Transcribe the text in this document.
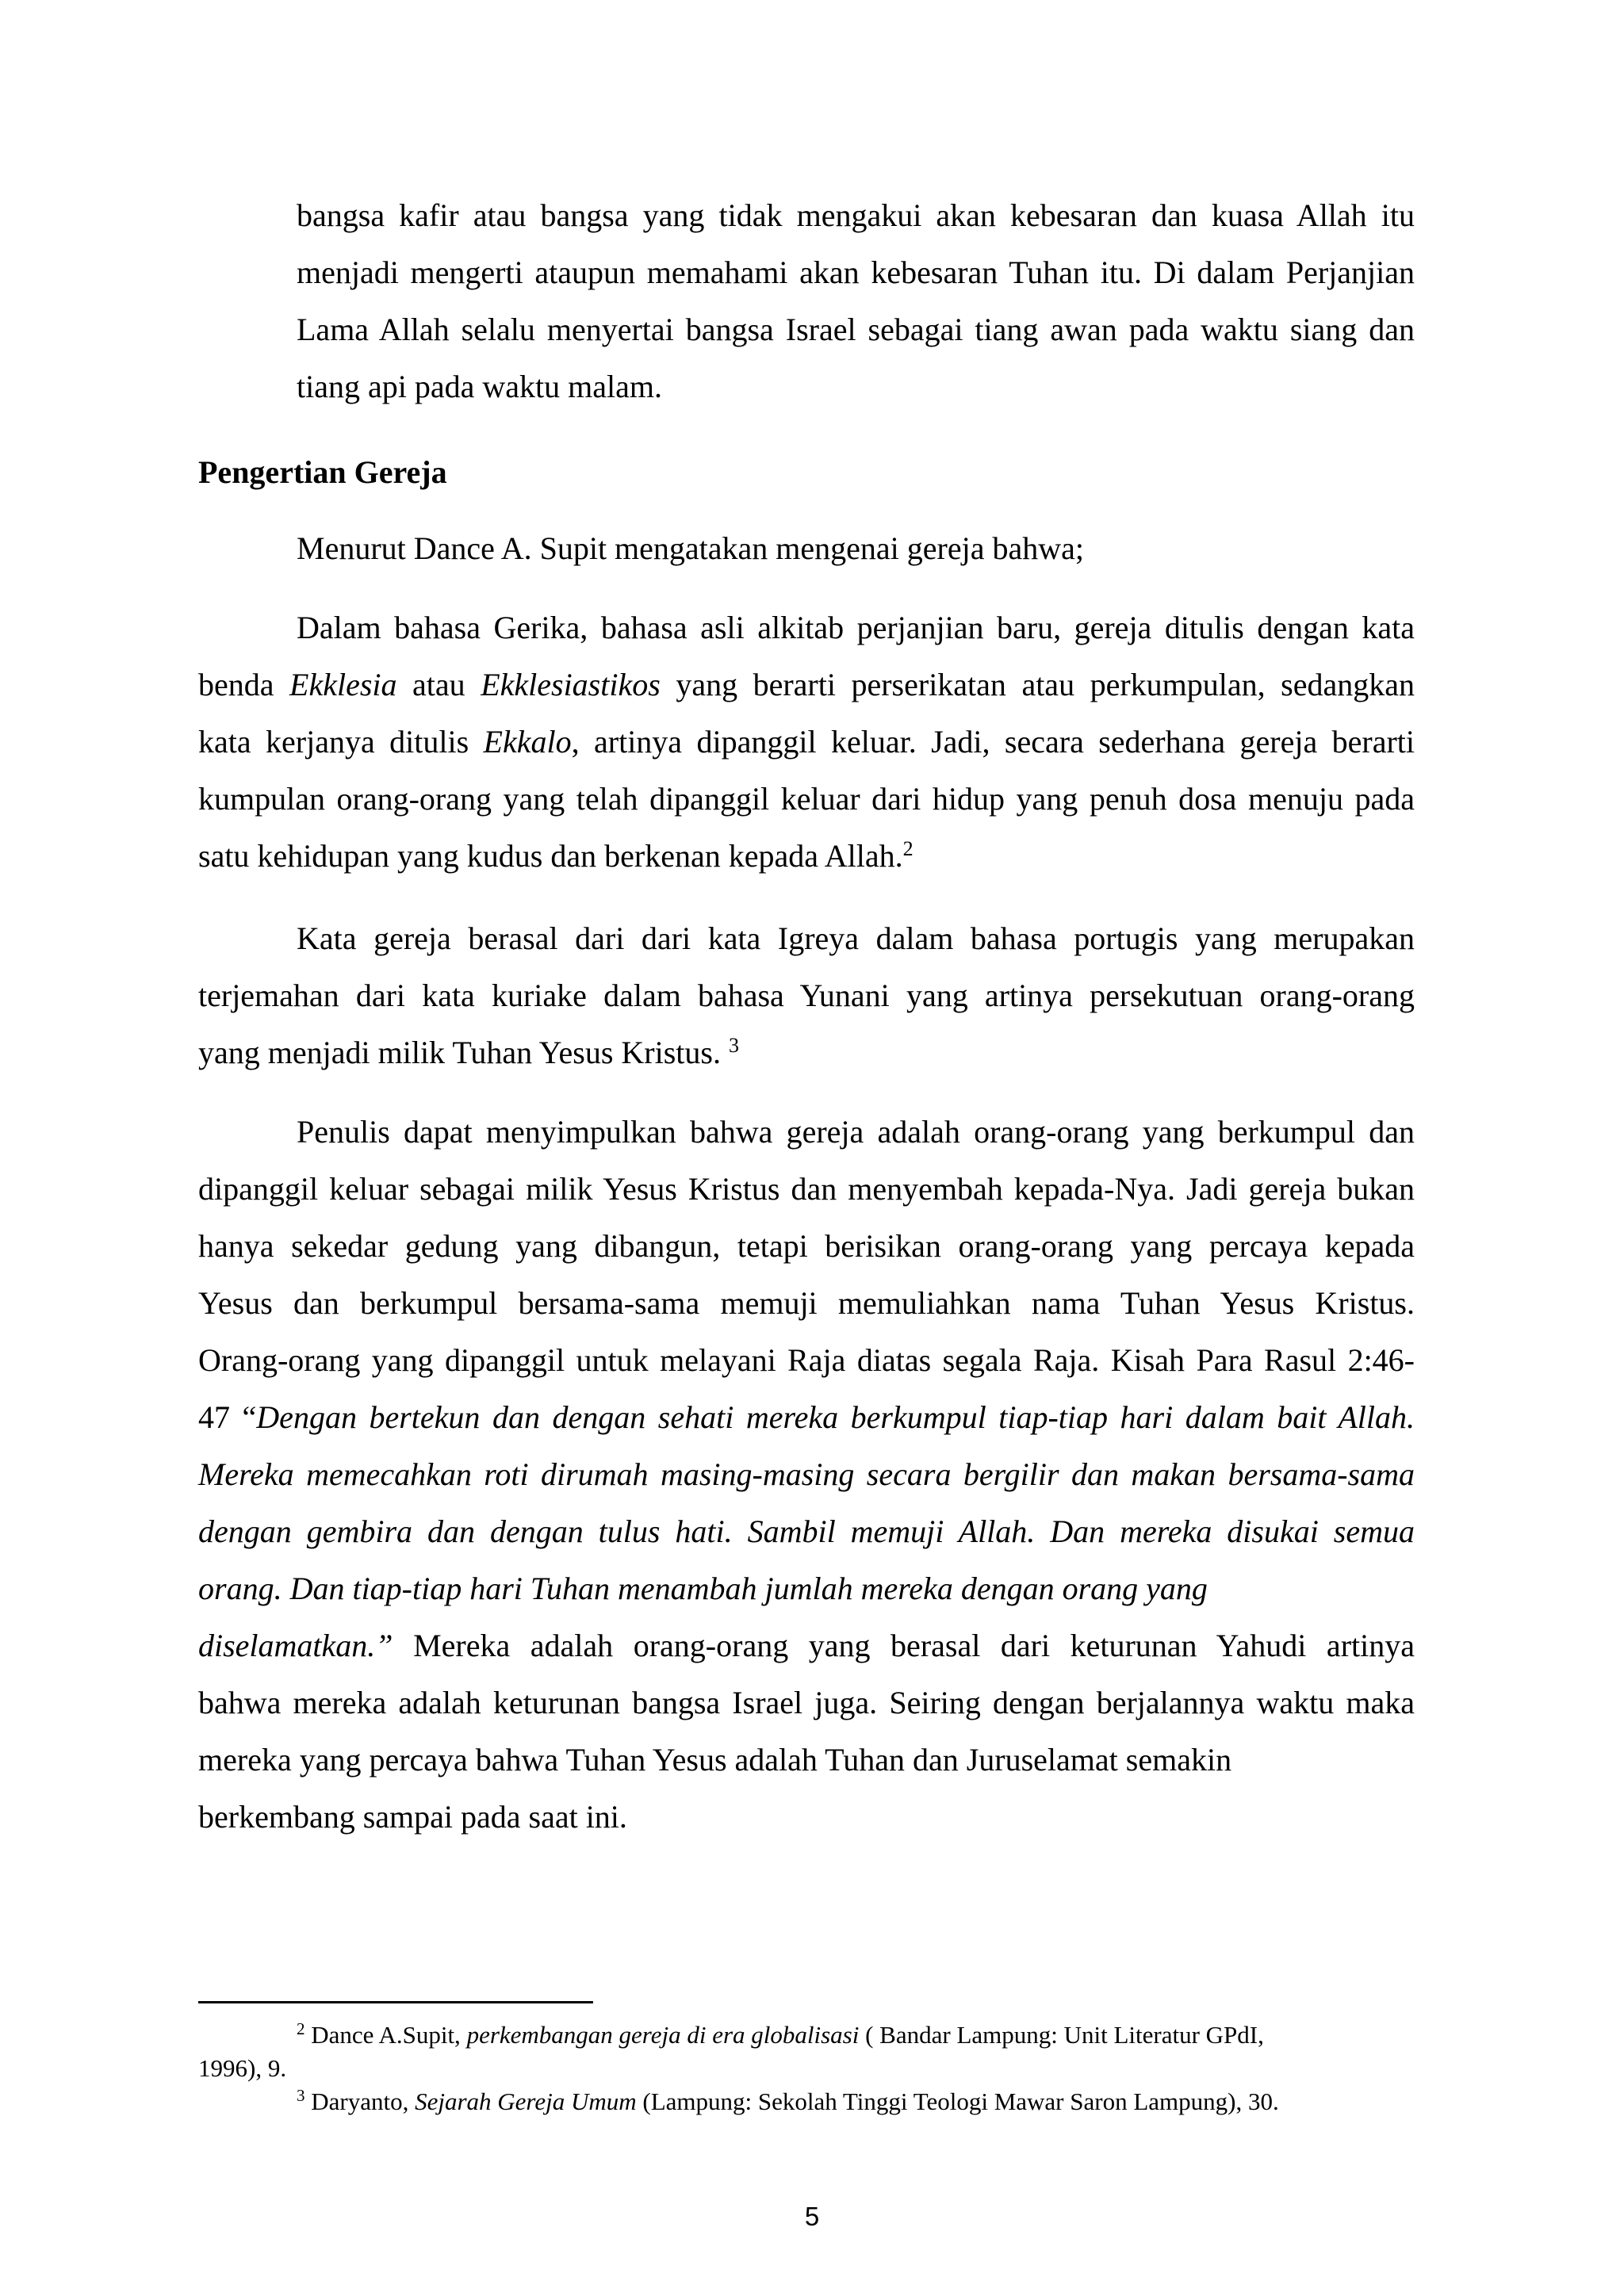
bangsa kafir atau bangsa yang tidak mengakui akan kebesaran dan kuasa Allah itu
menjadi mengerti ataupun memahami akan kebesaran Tuhan itu. Di dalam Perjanjian
Lama Allah selalu menyertai bangsa Israel sebagai tiang awan pada waktu siang dan
tiang api pada waktu malam.
Pengertian Gereja
Menurut Dance A. Supit mengatakan mengenai gereja bahwa;
Dalam bahasa Gerika, bahasa asli alkitab perjanjian baru, gereja ditulis dengan kata
benda Ekklesia atau Ekklesiastikos yang berarti perserikatan atau perkumpulan, sedangkan
kata kerjanya ditulis Ekkalo, artinya dipanggil keluar. Jadi, secara sederhana gereja berarti
kumpulan orang-orang yang telah dipanggil keluar dari hidup yang penuh dosa menuju pada
satu kehidupan yang kudus dan berkenan kepada Allah.$^2$
Kata gereja berasal dari dari kata Igreya dalam bahasa portugis yang merupakan
terjemahan dari kata kuriake dalam bahasa Yunani yang artinya persekutuan orang-orang
yang menjadi milik Tuhan Yesus Kristus. $^3$
Penulis dapat menyimpulkan bahwa gereja adalah orang-orang yang berkumpul dan
dipanggil keluar sebagai milik Yesus Kristus dan menyembah kepada-Nya. Jadi gereja bukan
hanya sekedar gedung yang dibangun, tetapi berisikan orang-orang yang percaya kepada
Yesus dan berkumpul bersama-sama memuji memuliahkan nama Tuhan Yesus Kristus.
Orang-orang yang dipanggil untuk melayani Raja diatas segala Raja. Kisah Para Rasul 2:46-
47 “Dengan bertekun dan dengan sehati mereka berkumpul tiap-tiap hari dalam bait Allah.
Mereka memecahkan roti dirumah masing-masing secara bergilir dan makan bersama-sama
dengan gembira dan dengan tulus hati. Sambil memuji Allah. Dan mereka disukai semua
orang. Dan tiap-tiap hari Tuhan menambah jumlah mereka dengan orang yang
diselamatkan.” Mereka adalah orang-orang yang berasal dari keturunan Yahudi artinya
bahwa mereka adalah keturunan bangsa Israel juga. Seiring dengan berjalannya waktu maka
mereka yang percaya bahwa Tuhan Yesus adalah Tuhan dan Juruselamat semakin
berkembang sampai pada saat ini.
$^2$ Dance A.Supit, perkembangan gereja di era globalisasi ( Bandar Lampung: Unit Literatur GPdI,
1996), 9.
$^3$ Daryanto, Sejarah Gereja Umum (Lampung: Sekolah Tinggi Teologi Mawar Saron Lampung), 30.
5
